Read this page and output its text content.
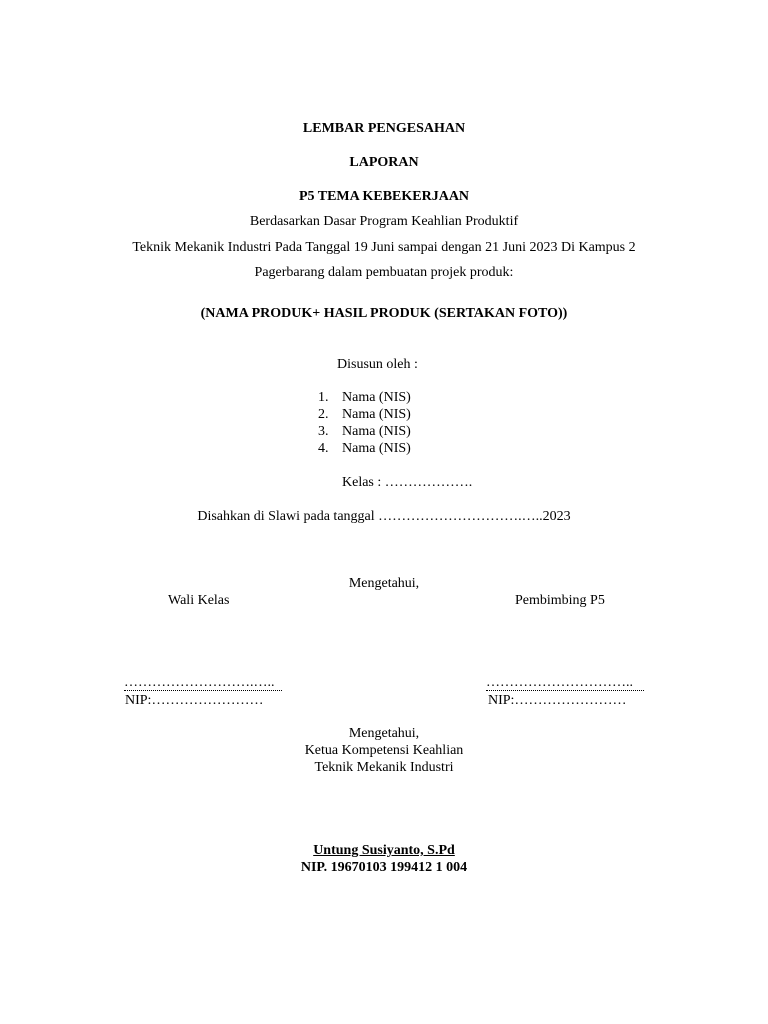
LEMBAR PENGESAHAN
LAPORAN
P5 TEMA KEBEKERJAAN
Berdasarkan Dasar Program Keahlian Produktif
Teknik Mekanik Industri Pada Tanggal 19 Juni sampai dengan 21 Juni 2023 Di Kampus 2
Pagerbarang dalam pembuatan projek produk:
(NAMA PRODUK+ HASIL PRODUK (SERTAKAN FOTO))
Disusun oleh :
1. Nama (NIS)
2. Nama (NIS)
3. Nama (NIS)
4. Nama (NIS)
Kelas : ……………….
Disahkan di Slawi pada tanggal ………………………….…..2023
Mengetahui,
Wali Kelas	Pembimbing P5
……………………….…..
NIP:……………………
…………………………..
NIP:……………………
Mengetahui,
Ketua Kompetensi Keahlian
Teknik Mekanik Industri
Untung Susiyanto, S.Pd
NIP. 19670103 199412 1 004
